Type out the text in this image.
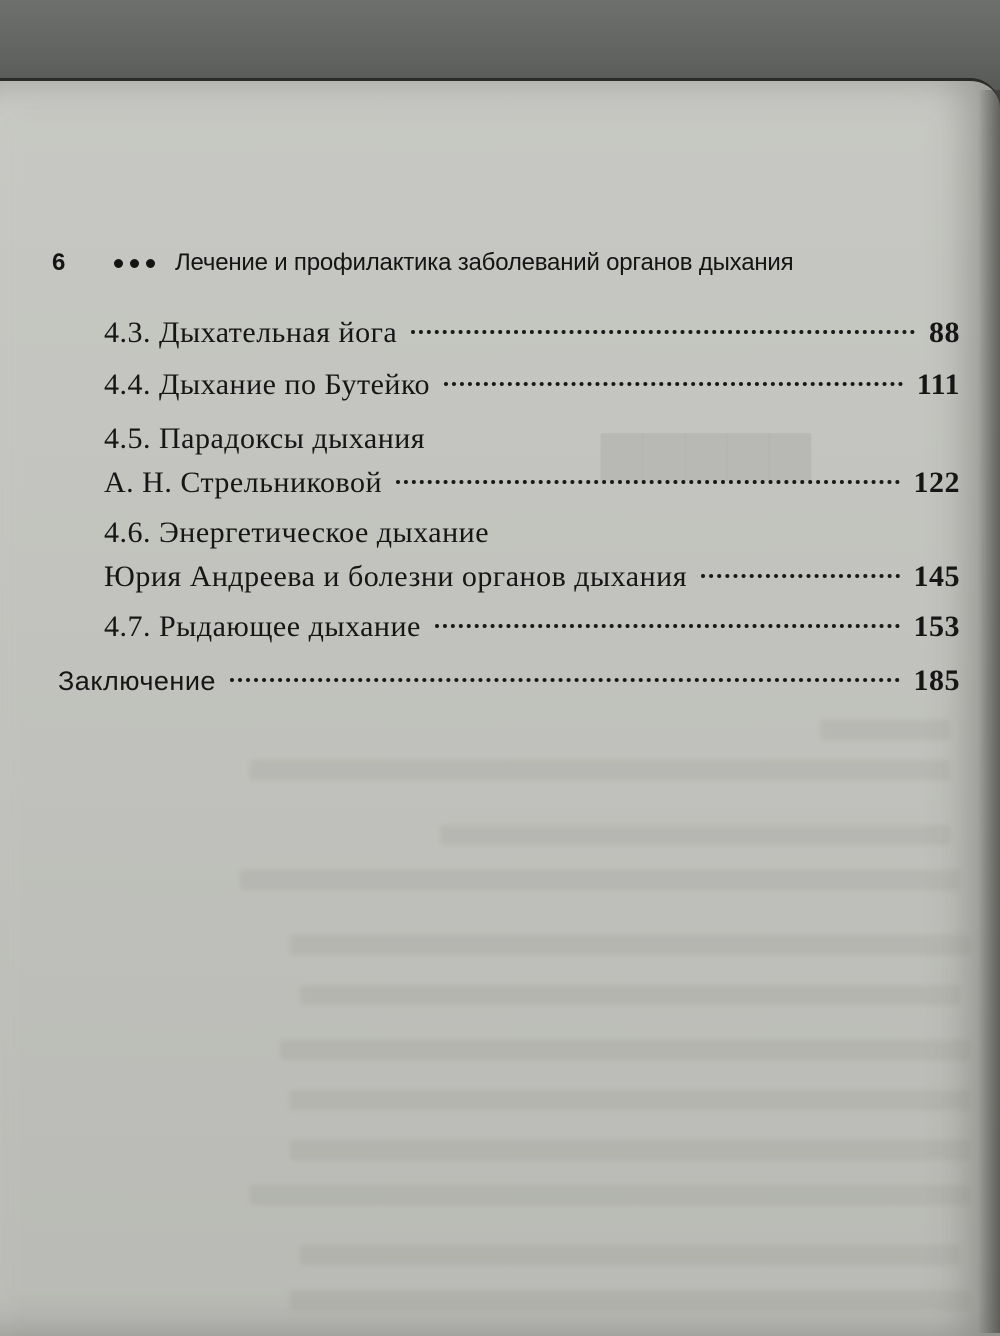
▆▆▆▆▆
6	Лечение и профилактика заболеваний органов дыхания
4.3. Дыхательная йога	88
4.4. Дыхание по Бутейко	111
4.5. Парадоксы дыхания
А. Н. Стрельниковой	122
4.6. Энергетическое дыхание
Юрия Андреева и болезни органов дыхания	145
4.7. Рыдающее дыхание	153
Заключение	185
